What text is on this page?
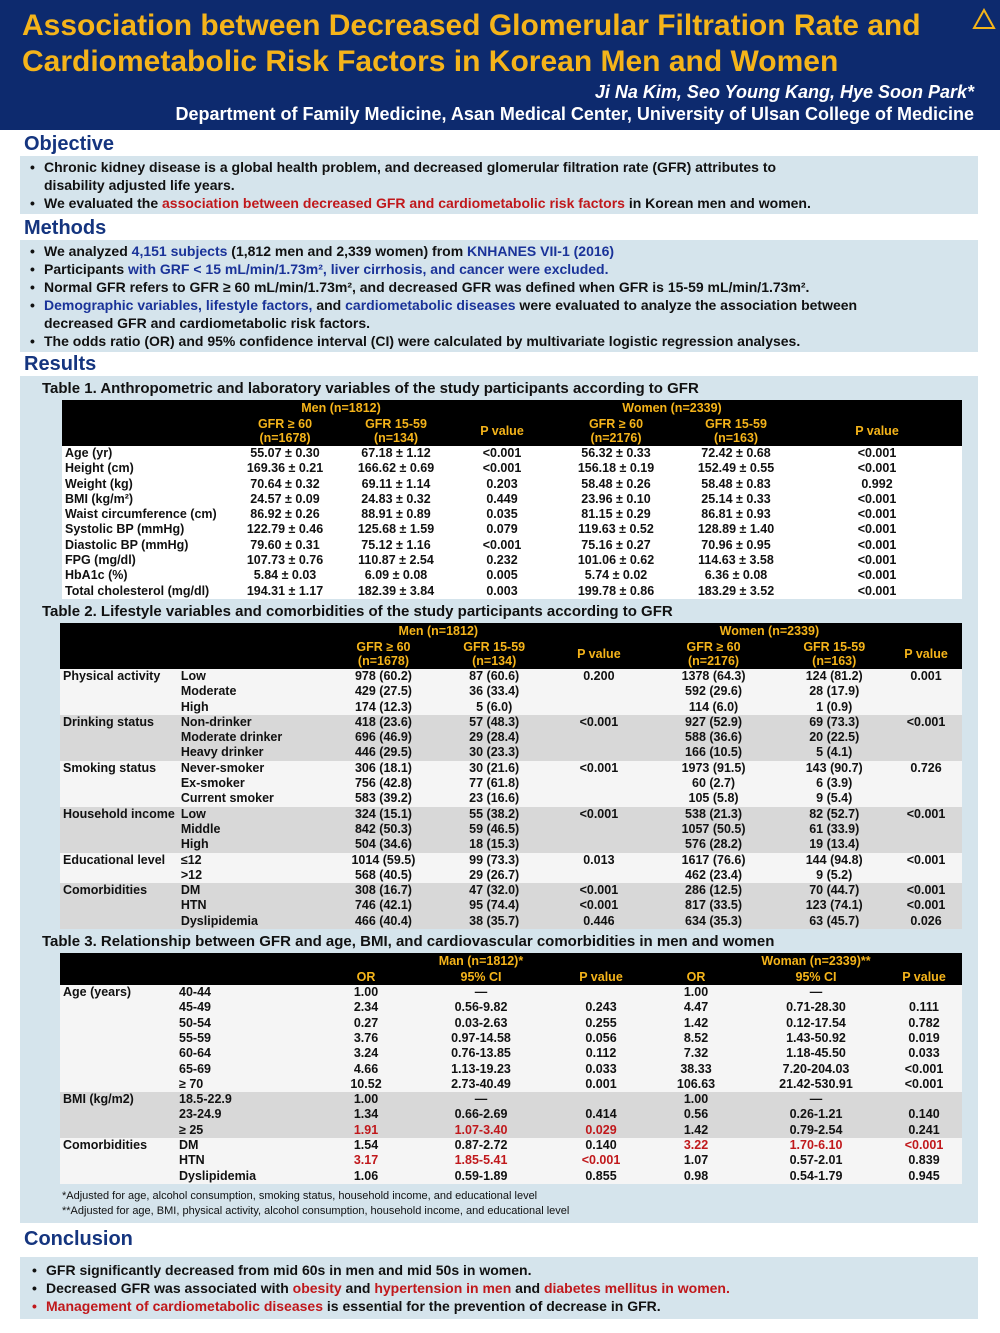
Association between Decreased Glomerular Filtration Rate and
Cardiometabolic Risk Factors in Korean Men and Women
Ji Na Kim, Seo Young Kang, Hye Soon Park*
Department of Family Medicine, Asan Medical Center, University of Ulsan College of Medicine
Objective
• Chronic kidney disease is a global health problem, and decreased glomerular filtration rate (GFR) attributes to
disability adjusted life years.
• We evaluated the association between decreased GFR and cardiometabolic risk factors in Korean men and women.
Methods
• We analyzed 4,151 subjects (1,812 men and 2,339 women) from KNHANES VII-1 (2016)
• Participants with GRF < 15 mL/min/1.73m², liver cirrhosis, and cancer were excluded.
• Normal GFR refers to GFR ≥ 60 mL/min/1.73m², and decreased GFR was defined when GFR is 15-59 mL/min/1.73m².
• Demographic variables, lifestyle factors, and cardiometabolic diseases were evaluated to analyze the association between
decreased GFR and cardiometabolic risk factors.
• The odds ratio (OR) and 95% confidence interval (CI) were calculated by multivariate logistic regression analyses.
Results
Table 1. Anthropometric and laboratory variables of the study participants according to GFR
	Men (n=1812)			Women (n=2339)		
	GFR ≥ 60
(n=1678)	GFR 15-59
(n=134)	P value	GFR ≥ 60
(n=2176)	GFR 15-59
(n=163)	P value
Age (yr)	55.07 ± 0.30	67.18 ± 1.12	<0.001	56.32 ± 0.33	72.42 ± 0.68	<0.001
Height (cm)	169.36 ± 0.21	166.62 ± 0.69	<0.001	156.18 ± 0.19	152.49 ± 0.55	<0.001
Weight (kg)	70.64 ± 0.32	69.11 ± 1.14	0.203	58.48 ± 0.26	58.48 ± 0.83	0.992
BMI (kg/m²)	24.57 ± 0.09	24.83 ± 0.32	0.449	23.96 ± 0.10	25.14 ± 0.33	<0.001
Waist circumference (cm)	86.92 ± 0.26	88.91 ± 0.89	0.035	81.15 ± 0.29	86.81 ± 0.93	<0.001
Systolic BP (mmHg)	122.79 ± 0.46	125.68 ± 1.59	0.079	119.63 ± 0.52	128.89 ± 1.40	<0.001
Diastolic BP (mmHg)	79.60 ± 0.31	75.12 ± 1.16	<0.001	75.16 ± 0.27	70.96 ± 0.95	<0.001
FPG (mg/dl)	107.73 ± 0.76	110.87 ± 2.54	0.232	101.06 ± 0.62	114.63 ± 3.58	<0.001
HbA1c (%)	5.84 ± 0.03	6.09 ± 0.08	0.005	5.74 ± 0.02	6.36 ± 0.08	<0.001
Total cholesterol (mg/dl)	194.31 ± 1.17	182.39 ± 3.84	0.003	199.78 ± 0.86	183.29 ± 3.52	<0.001
Table 2. Lifestyle variables and comorbidities of the study participants according to GFR
		Men (n=1812)			Women (n=2339)		
		GFR ≥ 60
(n=1678)	GFR 15-59
(n=134)	P value	GFR ≥ 60
(n=2176)	GFR 15-59
(n=163)	P value
Physical activity	Low	978 (60.2)	87 (60.6)	0.200	1378 (64.3)	124 (81.2)	0.001
	Moderate	429 (27.5)	36 (33.4)		592 (29.6)	28 (17.9)	
	High	174 (12.3)	5 (6.0)		114 (6.0)	1 (0.9)	
Drinking status	Non-drinker	418 (23.6)	57 (48.3)	<0.001	927 (52.9)	69 (73.3)	<0.001
	Moderate drinker	696 (46.9)	29 (28.4)		588 (36.6)	20 (22.5)	
	Heavy drinker	446 (29.5)	30 (23.3)		166 (10.5)	5 (4.1)	
Smoking status	Never-smoker	306 (18.1)	30 (21.6)	<0.001	1973 (91.5)	143 (90.7)	0.726
	Ex-smoker	756 (42.8)	77 (61.8)		60 (2.7)	6 (3.9)	
	Current smoker	583 (39.2)	23 (16.6)		105 (5.8)	9 (5.4)	
Household income	Low	324 (15.1)	55 (38.2)	<0.001	538 (21.3)	82 (52.7)	<0.001
	Middle	842 (50.3)	59 (46.5)		1057 (50.5)	61 (33.9)	
	High	504 (34.6)	18 (15.3)		576 (28.2)	19 (13.4)	
Educational level	≤12	1014 (59.5)	99 (73.3)	0.013	1617 (76.6)	144 (94.8)	<0.001
	>12	568 (40.5)	29 (26.7)		462 (23.4)	9 (5.2)	
Comorbidities	DM	308 (16.7)	47 (32.0)	<0.001	286 (12.5)	70 (44.7)	<0.001
	HTN	746 (42.1)	95 (74.4)	<0.001	817 (33.5)	123 (74.1)	<0.001
	Dyslipidemia	466 (40.4)	38 (35.7)	0.446	634 (35.3)	63 (45.7)	0.026
Table 3. Relationship between GFR and age, BMI, and cardiovascular comorbidities in men and women
			Man (n=1812)*			Woman (n=2339)**	
		OR	95% CI	P value	OR	95% CI	P value
Age (years)	40-44	1.00	—		1.00	—	
	45-49	2.34	0.56-9.82	0.243	4.47	0.71-28.30	0.111
	50-54	0.27	0.03-2.63	0.255	1.42	0.12-17.54	0.782
	55-59	3.76	0.97-14.58	0.056	8.52	1.43-50.92	0.019
	60-64	3.24	0.76-13.85	0.112	7.32	1.18-45.50	0.033
	65-69	4.66	1.13-19.23	0.033	38.33	7.20-204.03	<0.001
	≥ 70	10.52	2.73-40.49	0.001	106.63	21.42-530.91	<0.001
BMI (kg/m2)	18.5-22.9	1.00	—		1.00	—	
	23-24.9	1.34	0.66-2.69	0.414	0.56	0.26-1.21	0.140
	≥ 25	1.91	1.07-3.40	0.029	1.42	0.79-2.54	0.241
Comorbidities	DM	1.54	0.87-2.72	0.140	3.22	1.70-6.10	<0.001
	HTN	3.17	1.85-5.41	<0.001	1.07	0.57-2.01	0.839
	Dyslipidemia	1.06	0.59-1.89	0.855	0.98	0.54-1.79	0.945
*Adjusted for age, alcohol consumption, smoking status, household income, and educational level
**Adjusted for age, BMI, physical activity, alcohol consumption, household income, and educational level
Conclusion
• GFR significantly decreased from mid 60s in men and mid 50s in women.
• Decreased GFR was associated with obesity and hypertension in men and diabetes mellitus in women.
• Management of cardiometabolic diseases is essential for the prevention of decrease in GFR.
